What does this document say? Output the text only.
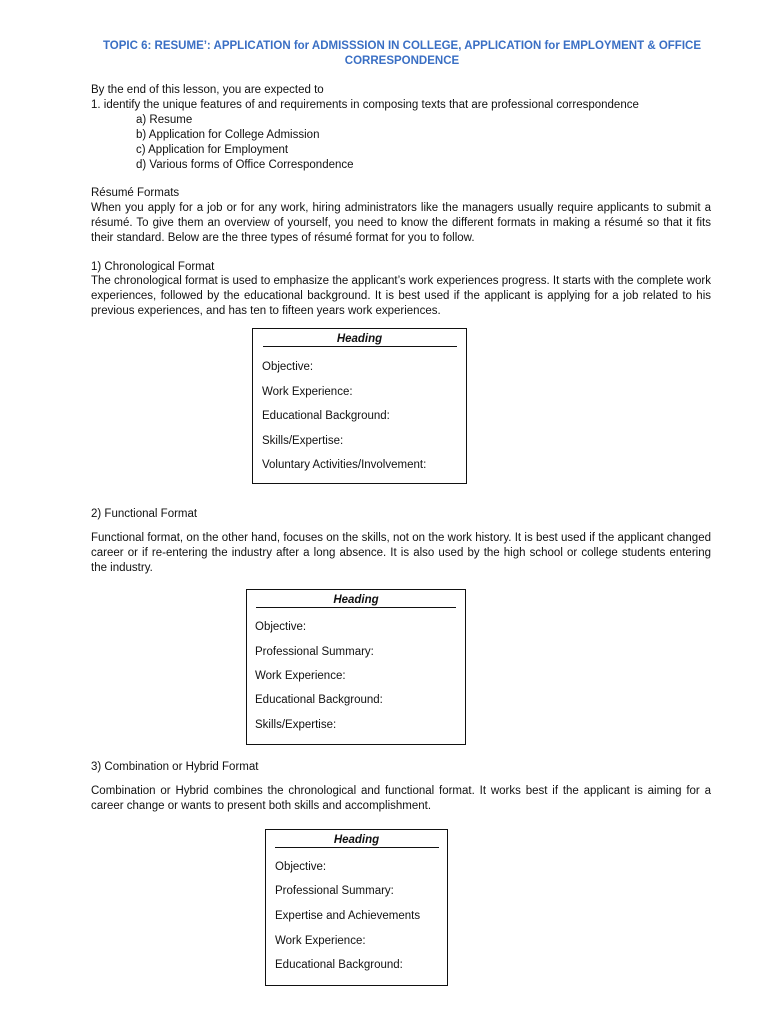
TOPIC 6: RESUME’: APPLICATION for ADMISSSION IN COLLEGE, APPLICATION for EMPLOYMENT & OFFICE CORRESPONDENCE
By the end of this lesson, you are expected to
1. identify the unique features of and requirements in composing texts that are professional correspondence
a) Resume
b) Application for College Admission
c) Application for Employment
d) Various forms of Office Correspondence
Résumé Formats
When you apply for a job or for any work, hiring administrators like the managers usually require applicants to submit a résumé. To give them an overview of yourself, you need to know the different formats in making a résumé so that it fits their standard. Below are the three types of résumé format for you to follow.
1) Chronological Format
The chronological format is used to emphasize the applicant’s work experiences progress. It starts with the complete work experiences, followed by the educational background. It is best used if the applicant is applying for a job related to his previous experiences, and has ten to fifteen years work experiences.
Heading
Objective:
Work Experience:
Educational Background:
Skills/Expertise:
Voluntary Activities/Involvement:
2) Functional Format
Functional format, on the other hand, focuses on the skills, not on the work history. It is best used if the applicant changed career or if re-entering the industry after a long absence. It is also used by the high school or college students entering the industry.
Heading
Objective:
Professional Summary:
Work Experience:
Educational Background:
Skills/Expertise:
3) Combination or Hybrid Format
Combination or Hybrid combines the chronological and functional format. It works best if the applicant is aiming for a career change or wants to present both skills and accomplishment.
Heading
Objective:
Professional Summary:
Expertise and Achievements
Work Experience:
Educational Background:
